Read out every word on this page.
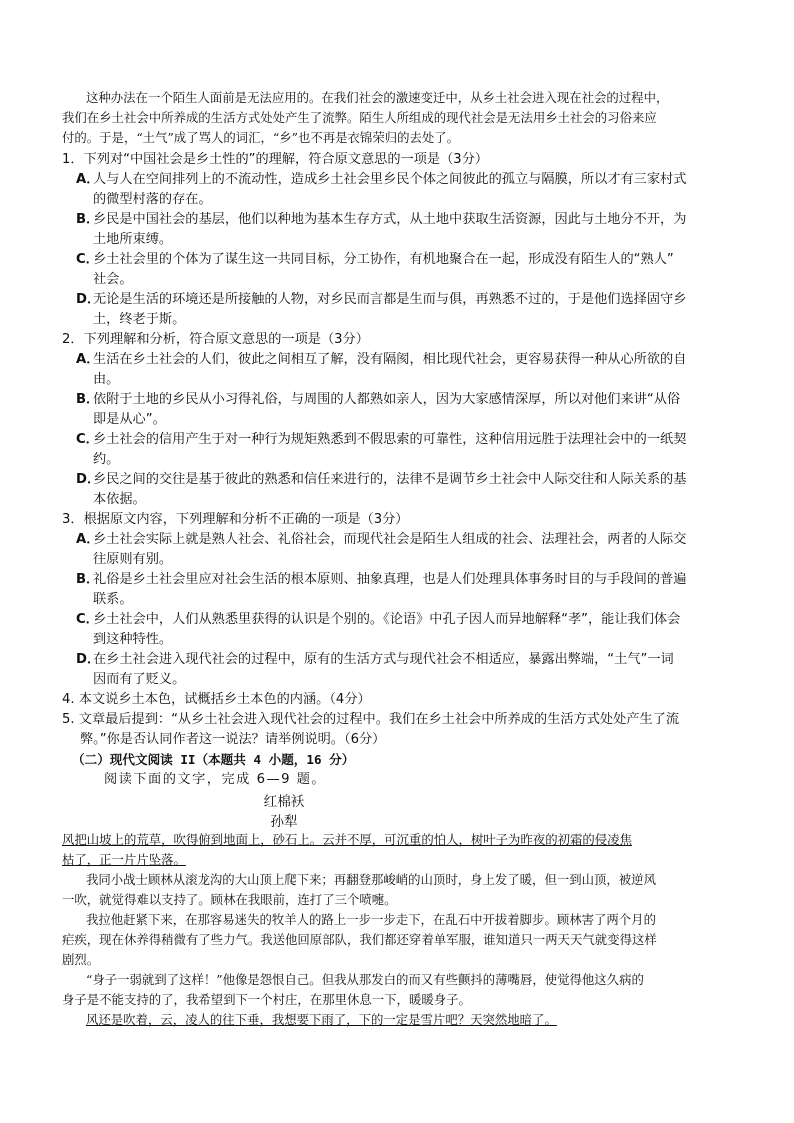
这种办法在一个陌生人面前是无法应用的。在我们社会的激速变迁中，从乡土社会进入现在社会的过程中，
我们在乡土社会中所养成的生活方式处处产生了流弊。陌生人所组成的现代社会是无法用乡土社会的习俗来应
付的。于是，“土气”成了骂人的词汇，“乡”也不再是衣锦荣归的去处了。
1．下列对“中国社会是乡土性的”的理解，符合原文意思的一项是（3分）
A．
人与人在空间排列上的不流动性，造成乡土社会里乡民个体之间彼此的孤立与隔膜，所以才有三家村式
的微型村落的存在。
B．
乡民是中国社会的基层，他们以种地为基本生存方式，从土地中获取生活资源，因此与土地分不开，为
土地所束缚。
C．
乡土社会里的个体为了谋生这一共同目标，分工协作，有机地聚合在一起，形成没有陌生人的“熟人”
社会。
D．
无论是生活的环境还是所接触的人物，对乡民而言都是生而与俱，再熟悉不过的，于是他们选择固守乡
土，终老于斯。
2．下列理解和分析，符合原文意思的一项是（3分）
A．
生活在乡土社会的人们，彼此之间相互了解，没有隔阂，相比现代社会，更容易获得一种从心所欲的自
由。
B．
依附于土地的乡民从小习得礼俗，与周围的人都熟如亲人，因为大家感情深厚，所以对他们来讲“从俗
即是从心”。
C．
乡土社会的信用产生于对一种行为规矩熟悉到不假思索的可靠性，这种信用远胜于法理社会中的一纸契
约。
D．
乡民之间的交往是基于彼此的熟悉和信任来进行的，法律不是调节乡土社会中人际交往和人际关系的基
本依据。
3．根据原文内容，下列理解和分析不正确的一项是（3分）
A．
乡土社会实际上就是熟人社会、礼俗社会，而现代社会是陌生人组成的社会、法理社会，两者的人际交
往原则有别。
B．
礼俗是乡土社会里应对社会生活的根本原则、抽象真理，也是人们处理具体事务时目的与手段间的普遍
联系。
C．
乡土社会中，人们从熟悉里获得的认识是个别的。《论语》中孔子因人而异地解释“孝”，能让我们体会
到这种特性。
D．
在乡土社会进入现代社会的过程中，原有的生活方式与现代社会不相适应，暴露出弊端，“土气”一词
因而有了贬义。
4. 本文说乡土本色，试概括乡土本色的内涵。（4分）
5. 文章最后提到：“从乡土社会进入现代社会的过程中。我们在乡土社会中所养成的生活方式处处产生了流
弊。”你是否认同作者这一说法？请举例说明。（6分）
（二）现代文阅读 II（本题共 4 小题，16 分）
阅读下面的文字，完成 6—9 题。
红棉袄
孙犁
风把山坡上的荒草，吹得俯到地面上，砂石上。云并不厚，可沉重的怕人，树叶子为昨夜的初霜的侵凌焦
枯了，正一片片坠落。
我同小战士顾林从滚龙沟的大山顶上爬下来；再翻登那峻峭的山顶时，身上发了暖，但一到山顶，被逆风
一吹，就觉得难以支持了。顾林在我眼前，连打了三个喷嚏。
我拉他赶紧下来，在那容易迷失的牧羊人的路上一步一步走下，在乱石中开拔着脚步。顾林害了两个月的
疟疾，现在休养得稍微有了些力气。我送他回原部队，我们都还穿着单军服，谁知道只一两天天气就变得这样
剧烈。
“身子一弱就到了这样！”他像是怨恨自己。但我从那发白的而又有些颤抖的薄嘴唇，使觉得他这久病的
身子是不能支持的了，我希望到下一个村庄，在那里休息一下，暖暖身子。
风还是吹着，云，凌人的往下垂，我想要下雨了，下的一定是雪片吧？天突然地暗了。
